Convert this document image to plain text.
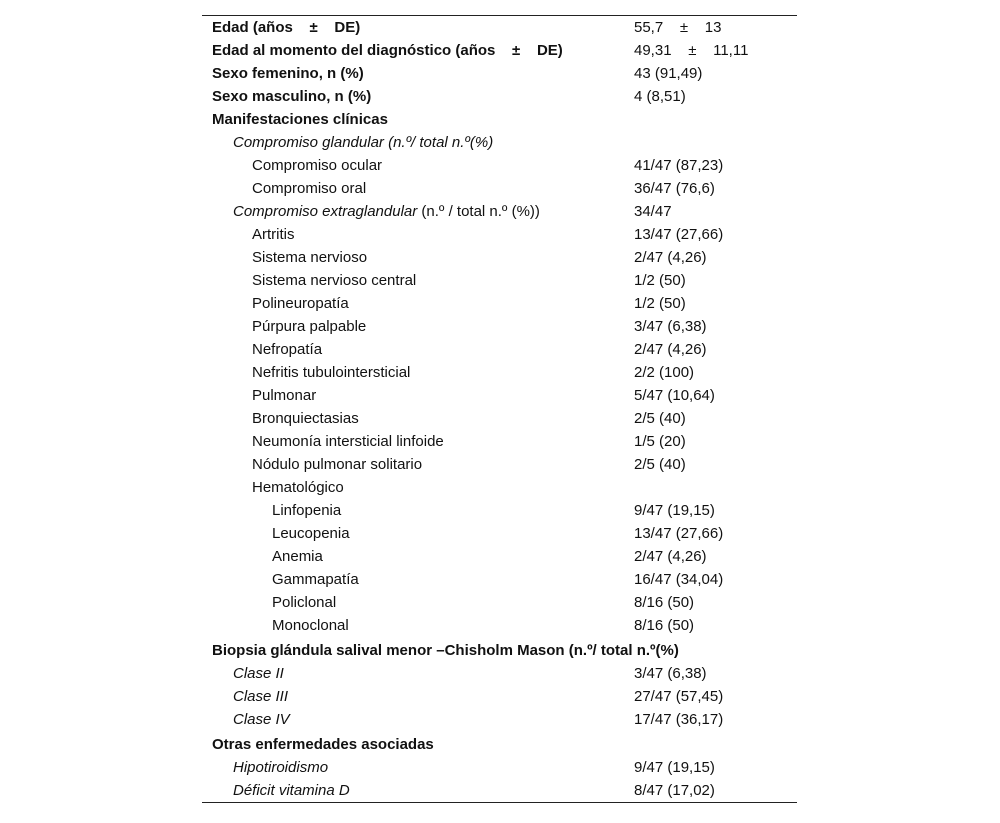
Edad (años    ±    DE)	55,7    ±    13
Edad al momento del diagnóstico (años    ±    DE)	49,31    ±    11,11
Sexo femenino, n (%)	43 (91,49)
Sexo masculino, n (%)	4 (8,51)
Manifestaciones clínicas
Compromiso glandular (n.º/ total n.º(%)
Compromiso ocular	41/47 (87,23)
Compromiso oral	36/47 (76,6)
Compromiso extraglandular (n.º / total n.º (%))	34/47
Artritis	13/47 (27,66)
Sistema nervioso	2/47 (4,26)
Sistema nervioso central	1/2 (50)
Polineuropatía	1/2 (50)
Púrpura palpable	3/47 (6,38)
Nefropatía	2/47 (4,26)
Nefritis tubulointersticial	2/2 (100)
Pulmonar	5/47 (10,64)
Bronquiectasias	2/5 (40)
Neumonía intersticial linfoide	1/5 (20)
Nódulo pulmonar solitario	2/5 (40)
Hematológico
Linfopenia	9/47 (19,15)
Leucopenia	13/47 (27,66)
Anemia	2/47 (4,26)
Gammapatía	16/47 (34,04)
Policlonal	8/16 (50)
Monoclonal	8/16 (50)
Biopsia glándula salival menor –Chisholm Mason (n.º/ total n.º(%)
Clase II	3/47 (6,38)
Clase III	27/47 (57,45)
Clase IV	17/47 (36,17)
Otras enfermedades asociadas
Hipotiroidismo	9/47 (19,15)
Déficit vitamina D	8/47 (17,02)
